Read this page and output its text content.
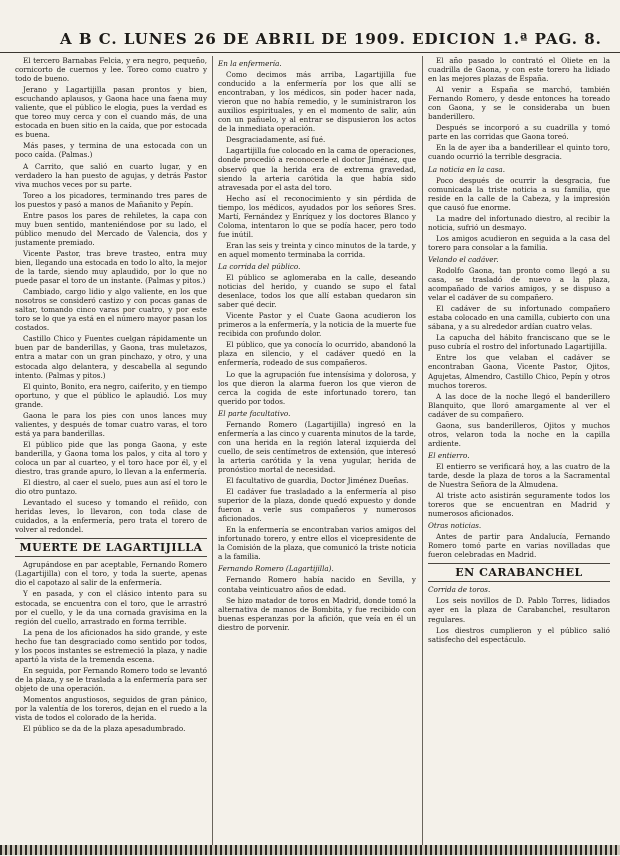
A B C. LUNES 26 DE ABRIL DE 1909. EDICION 1.ª PAG. 8.

El tercero Barnabas Felcia, y era negro, pequeño, cornicorto de cuernos y lee. Toreo como cuatro y todo de bueno.

Jerano y Lagartijilla pasan prontos y bien, escuchando aplausos, y Gaona hace una faena muy valiente, que el público le elogia, pues la verdad es que toreo muy cerca y con el cuando más, de una estocada en buen sitio en la caída, que por estocada es buena.

Más pases, y termina de una estocada con un poco caída. (Palmas.)

A Carrito, que salió en cuarto lugar, y en verdadero la han puesto de agujas, y detrás Pastor viva muchos veces por su parte.

Toreo a los picadores, terminando tres pares de los puestos y pasó a manos de Mañanito y Pepín.

Entre pasos los pares de rehiletes, la capa con muy buen sentido, manteniéndose por su lado, el público menudo del Mercado de Valencia, dos y justamente premiado.

Vicente Pastor, tras breve trasteo, entra muy bien, llegando una estocada en todo lo alto, la mejor de la tarde, siendo muy aplaudido, por lo que no puede pasar el toro de un instante. (Palmas y pitos.)

Cambiado, cargo lidio y algo valiente, en los que nosotros se consideró castizo y con pocas ganas de saltar, tomando cinco varas por cuatro, y por este toro se lo que ya está en el número mayor pasan los costados.

Castillo Chico y Fuentes cuelgan rápidamente un buen par de banderillas, y Gaona, tras muletazos, entra a matar con un gran pinchazo, y otro, y una estocada algo delantera, y descabella al segundo intento. (Palmas y pitos.)

El quinto, Bonito, era negro, caiferito, y en tiempo oportuno, y que el público le aplaudió. Los muy grande.

Gaona le para los pies con unos lances muy valientes, y después de tomar cuatro varas, el toro está ya para banderillas.

El público pide que las ponga Gaona, y este banderilla, y Gaona toma los palos, y cita al toro y coloca un par al cuarteo, y el toro hace por él, y el diestro, tras grande apuro, lo llevan a la enfermería.

El diestro, al caer el suelo, pues aun así el toro le dio otro puntazo.

Levantado el suceso y tomando el reñido, con heridas leves, lo llevaron, con toda clase de cuidados, a la enfermería, pero trata el torero de volver al redondel.

MUERTE DE LAGARTIJILLA

Agrupándose en par aceptable, Fernando Romero (Lagartijilla) con el toro, y toda la suerte, apenas dio el capotazo al salir de la enfermería.

Y en pasada, y con el clásico intento para su estocada, se encuentra con el toro, que le arrastró por el cuello, y le da una cornada gravísima en la región del cuello, arrastrado en forma terrible.

La pena de los aficionados ha sido grande, y este hecho fue tan desgraciado como sentido por todos, y los pocos instantes se estremeció la plaza, y nadie apartó la vista de la tremenda escena.

En seguida, por Fernando Romero todo se levantó de la plaza, y se le traslada a la enfermería para ser objeto de una operación.

Momentos angustiosos, seguidos de gran pánico, por la valentía de los toreros, dejan en el ruedo a la vista de todos el colorado de la herida.

El público se da de la plaza apesadumbrado.

En la enfermería.

Como decimos más arriba, Lagartijilla fue conducido a la enfermería por los que allí se encontraban, y los médicos, sin poder hacer nada, vieron que no había remedio, y le suministraron los auxilios espirituales, y en el momento de salir, aún con un pañuelo, y al entrar se dispusieron los actos de la inmediata operación.

Desgraciadamente, así fué.

Lagartijilla fue colocado en la cama de operaciones, donde procedió a reconocerle el doctor Jiménez, que observó que la herida era de extrema gravedad, siendo la arteria carótida la que había sido atravesada por el asta del toro.

Hecho así el reconocimiento y sin pérdida de tiempo, los médicos, ayudados por los señores Sres. Martí, Fernández y Enríquez y los doctores Blanco y Coloma, intentaron lo que se podía hacer, pero todo fue inútil.

Eran las seis y treinta y cinco minutos de la tarde, y en aquel momento terminaba la corrida.

La corrida del público.

El público se aglomeraba en la calle, deseando noticias del herido, y cuando se supo el fatal desenlace, todos los que allí estaban quedaron sin saber qué decir.

Vicente Pastor y el Cuate Gaona acudieron los primeros a la enfermería, y la noticia de la muerte fue recibida con profundo dolor.

El público, que ya conocía lo ocurrido, abandonó la plaza en silencio, y el cadáver quedó en la enfermería, rodeado de sus compañeros.

Lo que la agrupación fue intensísima y dolorosa, y los que dieron la alarma fueron los que vieron de cerca la cogida de este infortunado torero, tan querido por todos.

El parte facultativo.

Fernando Romero (Lagartijilla) ingresó en la enfermería a las cinco y cuarenta minutos de la tarde, con una herida en la región lateral izquierda del cuello, de seis centímetros de extensión, que interesó la arteria carótida y la vena yugular, herida de pronóstico mortal de necesidad.

El facultativo de guardia, Doctor Jiménez Dueñas.

El cadáver fue trasladado a la enfermería al piso superior de la plaza, donde quedó expuesto y donde fueron a verle sus compañeros y numerosos aficionados.

En la enfermería se encontraban varios amigos del infortunado torero, y entre ellos el vicepresidente de la Comisión de la plaza, que comunicó la triste noticia a la familia.

Fernando Romero (Lagartijilla).

Fernando Romero había nacido en Sevilla, y contaba veinticuatro años de edad.

Se hizo matador de toros en Madrid, donde tomó la alternativa de manos de Bombita, y fue recibido con buenas esperanzas por la afición, que veía en él un diestro de porvenir.

El año pasado lo contrató el Oliete en la cuadrilla de Gaona, y con este torero ha lidiado en las mejores plazas de España.

Al venir a España se marchó, también Fernando Romero, y desde entonces ha toreado con Gaona, y se le consideraba un buen banderillero.

Después se incorporó a su cuadrilla y tomó parte en las corridas que Gaona toreó.

En la de ayer iba a banderillear el quinto toro, cuando ocurrió la terrible desgracia.

La noticia en la casa.

Poco después de ocurrir la desgracia, fue comunicada la triste noticia a su familia, que reside en la calle de la Cabeza, y la impresión que causó fue enorme.

La madre del infortunado diestro, al recibir la noticia, sufrió un desmayo.

Los amigos acudieron en seguida a la casa del torero para consolar a la familia.

Velando el cadáver.

Rodolfo Gaona, tan pronto como llegó a su casa, se trasladó de nuevo a la plaza, acompañado de varios amigos, y se dispuso a velar el cadáver de su compañero.

El cadáver de su infortunado compañero estaba colocado en una camilla, cubierto con una sábana, y a su alrededor ardían cuatro velas.

La capucha del hábito franciscano que se le puso cubría el rostro del infortunado Lagartijilla.

Entre los que velaban el cadáver se encontraban Gaona, Vicente Pastor, Ojitos, Agujetas, Almendro, Castillo Chico, Pepín y otros muchos toreros.

A las doce de la noche llegó el banderillero Blanquito, que lloró amargamente al ver el cadáver de su compañero.

Gaona, sus banderilleros, Ojitos y muchos otros, velaron toda la noche en la capilla ardiente.

El entierro.

El entierro se verificará hoy, a las cuatro de la tarde, desde la plaza de toros a la Sacramental de Nuestra Señora de la Almudena.

Al triste acto asistirán seguramente todos los toreros que se encuentran en Madrid y numerosos aficionados.

Otras noticias.

Antes de partir para Andalucía, Fernando Romero tomó parte en varias novilladas que fueron celebradas en Madrid.

EN CARABANCHEL
Corrida de toros.

Los seis novillos de D. Pablo Torres, lidiados ayer en la plaza de Carabanchel, resultaron regulares.

Los diestros cumplieron y el público salió satisfecho del espectáculo.
